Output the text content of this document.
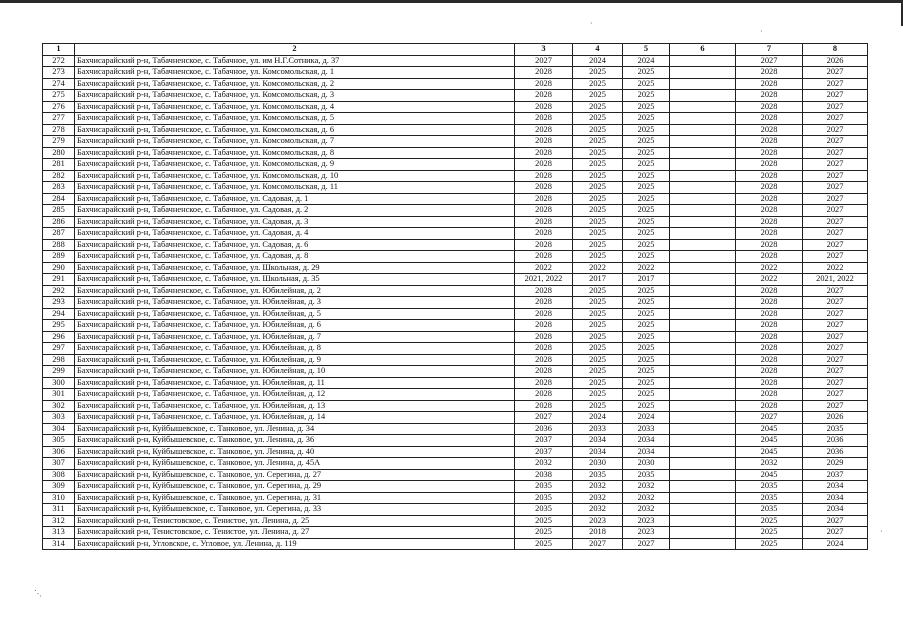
·
·
·
⋱
1	2	3	4	5	6	7	8
272	Бахчисарайский р-н, Табачненское, с. Табачное, ул. им Н.Г.Сотника, д. 37	2027	2024	2024		2027	2026
273	Бахчисарайский р-н, Табачненское, с. Табачное, ул. Комсомольская, д. 1	2028	2025	2025		2028	2027
274	Бахчисарайский р-н, Табачненское, с. Табачное, ул. Комсомольская, д. 2	2028	2025	2025		2028	2027
275	Бахчисарайский р-н, Табачненское, с. Табачное, ул. Комсомольская, д. 3	2028	2025	2025		2028	2027
276	Бахчисарайский р-н, Табачненское, с. Табачное, ул. Комсомольская, д. 4	2028	2025	2025		2028	2027
277	Бахчисарайский р-н, Табачненское, с. Табачное, ул. Комсомольская, д. 5	2028	2025	2025		2028	2027
278	Бахчисарайский р-н, Табачненское, с. Табачное, ул. Комсомольская, д. 6	2028	2025	2025		2028	2027
279	Бахчисарайский р-н, Табачненское, с. Табачное, ул. Комсомольская, д. 7	2028	2025	2025		2028	2027
280	Бахчисарайский р-н, Табачненское, с. Табачное, ул. Комсомольская, д. 8	2028	2025	2025		2028	2027
281	Бахчисарайский р-н, Табачненское, с. Табачное, ул. Комсомольская, д. 9	2028	2025	2025		2028	2027
282	Бахчисарайский р-н, Табачненское, с. Табачное, ул. Комсомольская, д. 10	2028	2025	2025		2028	2027
283	Бахчисарайский р-н, Табачненское, с. Табачное, ул. Комсомольская, д. 11	2028	2025	2025		2028	2027
284	Бахчисарайский р-н, Табачненское, с. Табачное, ул. Садовая, д. 1	2028	2025	2025		2028	2027
285	Бахчисарайский р-н, Табачненское, с. Табачное, ул. Садовая, д. 2	2028	2025	2025		2028	2027
286	Бахчисарайский р-н, Табачненское, с. Табачное, ул. Садовая, д. 3	2028	2025	2025		2028	2027
287	Бахчисарайский р-н, Табачненское, с. Табачное, ул. Садовая, д. 4	2028	2025	2025		2028	2027
288	Бахчисарайский р-н, Табачненское, с. Табачное, ул. Садовая, д. 6	2028	2025	2025		2028	2027
289	Бахчисарайский р-н, Табачненское, с. Табачное, ул. Садовая, д. 8	2028	2025	2025		2028	2027
290	Бахчисарайский р-н, Табачненское, с. Табачное, ул. Школьная, д. 29	2022	2022	2022		2022	2022
291	Бахчисарайский р-н, Табачненское, с. Табачное, ул. Школьная, д. 35	2021, 2022	2017	2017		2022	2021, 2022
292	Бахчисарайский р-н, Табачненское, с. Табачное, ул. Юбилейная, д. 2	2028	2025	2025		2028	2027
293	Бахчисарайский р-н, Табачненское, с. Табачное, ул. Юбилейная, д. 3	2028	2025	2025		2028	2027
294	Бахчисарайский р-н, Табачненское, с. Табачное, ул. Юбилейная, д. 5	2028	2025	2025		2028	2027
295	Бахчисарайский р-н, Табачненское, с. Табачное, ул. Юбилейная, д. 6	2028	2025	2025		2028	2027
296	Бахчисарайский р-н, Табачненское, с. Табачное, ул. Юбилейная, д. 7	2028	2025	2025		2028	2027
297	Бахчисарайский р-н, Табачненское, с. Табачное, ул. Юбилейная, д. 8	2028	2025	2025		2028	2027
298	Бахчисарайский р-н, Табачненское, с. Табачное, ул. Юбилейная, д. 9	2028	2025	2025		2028	2027
299	Бахчисарайский р-н, Табачненское, с. Табачное, ул. Юбилейная, д. 10	2028	2025	2025		2028	2027
300	Бахчисарайский р-н, Табачненское, с. Табачное, ул. Юбилейная, д. 11	2028	2025	2025		2028	2027
301	Бахчисарайский р-н, Табачненское, с. Табачное, ул. Юбилейная, д. 12	2028	2025	2025		2028	2027
302	Бахчисарайский р-н, Табачненское, с. Табачное, ул. Юбилейная, д. 13	2028	2025	2025		2028	2027
303	Бахчисарайский р-н, Табачненское, с. Табачное, ул. Юбилейная, д. 14	2027	2024	2024		2027	2026
304	Бахчисарайский р-н, Куйбышевское, с. Танковое, ул. Ленина, д. 34	2036	2033	2033		2045	2035
305	Бахчисарайский р-н, Куйбышевское, с. Танковое, ул. Ленина, д. 36	2037	2034	2034		2045	2036
306	Бахчисарайский р-н, Куйбышевское, с. Танковое, ул. Ленина, д. 40	2037	2034	2034		2045	2036
307	Бахчисарайский р-н, Куйбышевское, с. Танковое, ул. Ленина, д. 45А	2032	2030	2030		2032	2029
308	Бахчисарайский р-н, Куйбышевское, с. Танковое, ул. Серегина, д. 27	2038	2035	2035		2045	2037
309	Бахчисарайский р-н, Куйбышевское, с. Танковое, ул. Серегина, д. 29	2035	2032	2032		2035	2034
310	Бахчисарайский р-н, Куйбышевское, с. Танковое, ул. Серегина, д. 31	2035	2032	2032		2035	2034
311	Бахчисарайский р-н, Куйбышевское, с. Танковое, ул. Серегина, д. 33	2035	2032	2032		2035	2034
312	Бахчисарайский р-н, Тенистовское, с. Тенистое, ул. Ленина, д. 25	2025	2023	2023		2025	2027
313	Бахчисарайский р-н, Тенистовское, с. Тенистое, ул. Ленина, д. 27	2025	2018	2023		2025	2027
314	Бахчисарайский р-н, Угловское, с. Угловое, ул. Ленина, д. 119	2025	2027	2027		2025	2024
